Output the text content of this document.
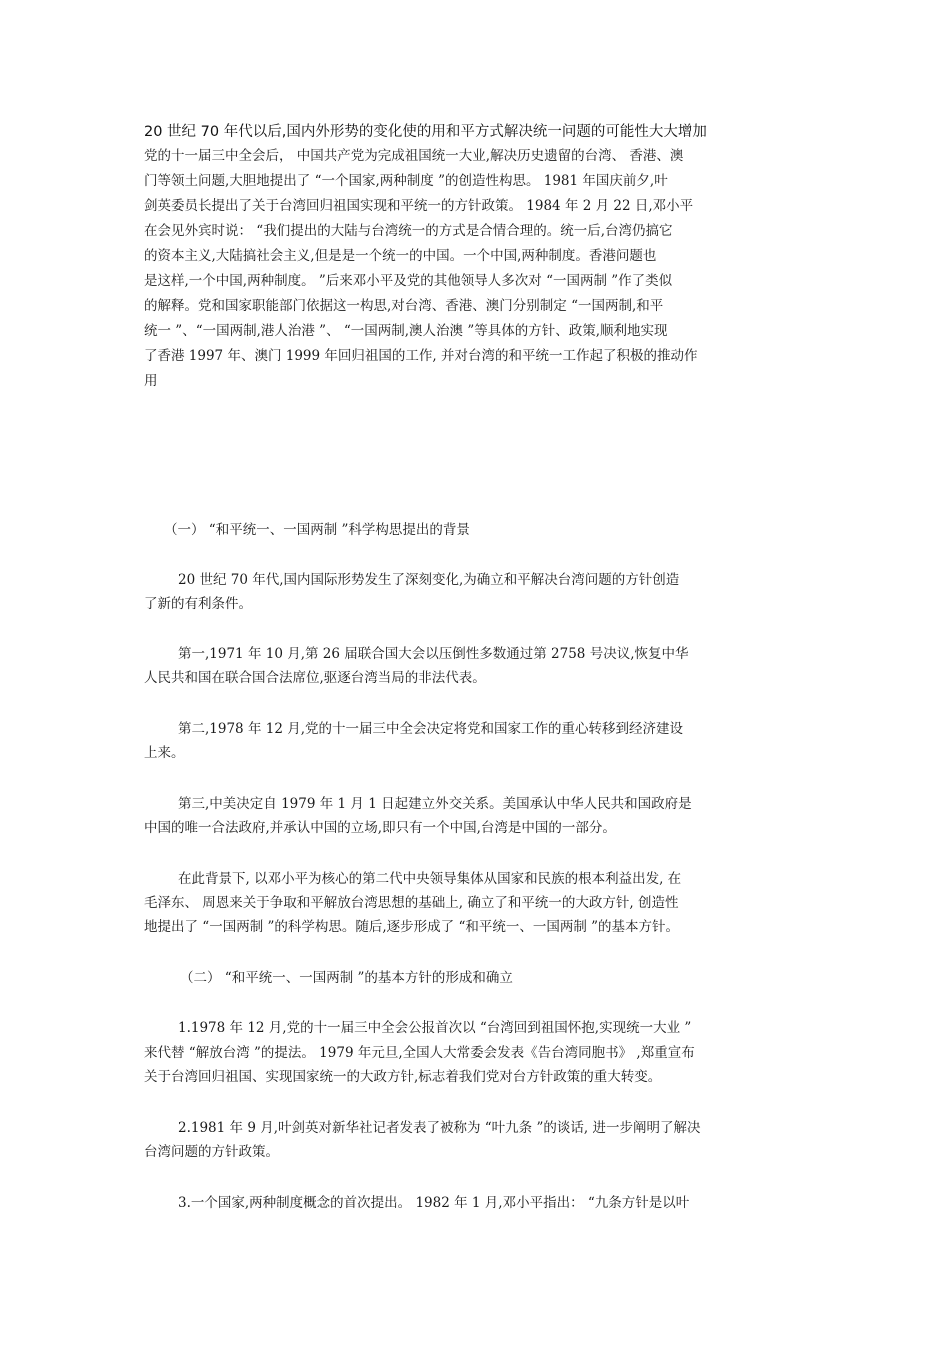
20 世纪 70 年代以后,国内外形势的变化使的用和平方式解决统一问题的可能性大大增加
党的十一届三中全会后， 中国共产党为完成祖国统一大业,解决历史遗留的台湾、 香港、澳
门等领土问题,大胆地提出了 “一个国家,两种制度 ”的创造性构思。 1981 年国庆前夕,叶
剑英委员长提出了关于台湾回归祖国实现和平统一的方针政策。 1984 年 2 月 22 日,邓小平
在会见外宾时说： “我们提出的大陆与台湾统一的方式是合情合理的。统一后,台湾仍搞它
的资本主义,大陆搞社会主义,但是是一个统一的中国。一个中国,两种制度。香港问题也
是这样,一个中国,两种制度。 ”后来邓小平及党的其他领导人多次对 “一国两制 ”作了类似
的解释。党和国家职能部门依据这一构思,对台湾、香港、澳门分别制定 “一国两制,和平
统一 ”、“一国两制,港人治港 ”、 “一国两制,澳人治澳 ”等具体的方针、政策,顺利地实现
了香港 1997 年、澳门 1999 年回归祖国的工作, 并对台湾的和平统一工作起了积极的推动作
用
（一） “和平统一、一国两制 ”科学构思提出的背景
20 世纪 70 年代,国内国际形势发生了深刻变化,为确立和平解决台湾问题的方针创造
了新的有利条件。
第一,1971 年 10 月,第 26 届联合国大会以压倒性多数通过第 2758 号决议,恢复中华
人民共和国在联合国合法席位,驱逐台湾当局的非法代表。
第二,1978 年 12 月,党的十一届三中全会决定将党和国家工作的重心转移到经济建设
上来。
第三,中美决定自 1979 年 1 月 1 日起建立外交关系。美国承认中华人民共和国政府是
中国的唯一合法政府,并承认中国的立场,即只有一个中国,台湾是中国的一部分。
在此背景下, 以邓小平为核心的第二代中央领导集体从国家和民族的根本利益出发, 在
毛泽东、 周恩来关于争取和平解放台湾思想的基础上, 确立了和平统一的大政方针, 创造性
地提出了 “一国两制 ”的科学构思。随后,逐步形成了 “和平统一、一国两制 ”的基本方针。
（二） “和平统一、一国两制 ”的基本方针的形成和确立
1.1978 年 12 月,党的十一届三中全会公报首次以 “台湾回到祖国怀抱,实现统一大业 ”
来代替 “解放台湾 ”的提法。 1979 年元旦,全国人大常委会发表《告台湾同胞书》 ,郑重宣布
关于台湾回归祖国、实现国家统一的大政方针,标志着我们党对台方针政策的重大转变。
2.1981 年 9 月,叶剑英对新华社记者发表了被称为 “叶九条 ”的谈话, 进一步阐明了解决
台湾问题的方针政策。
3.一个国家,两种制度概念的首次提出。 1982 年 1 月,邓小平指出： “九条方针是以叶
